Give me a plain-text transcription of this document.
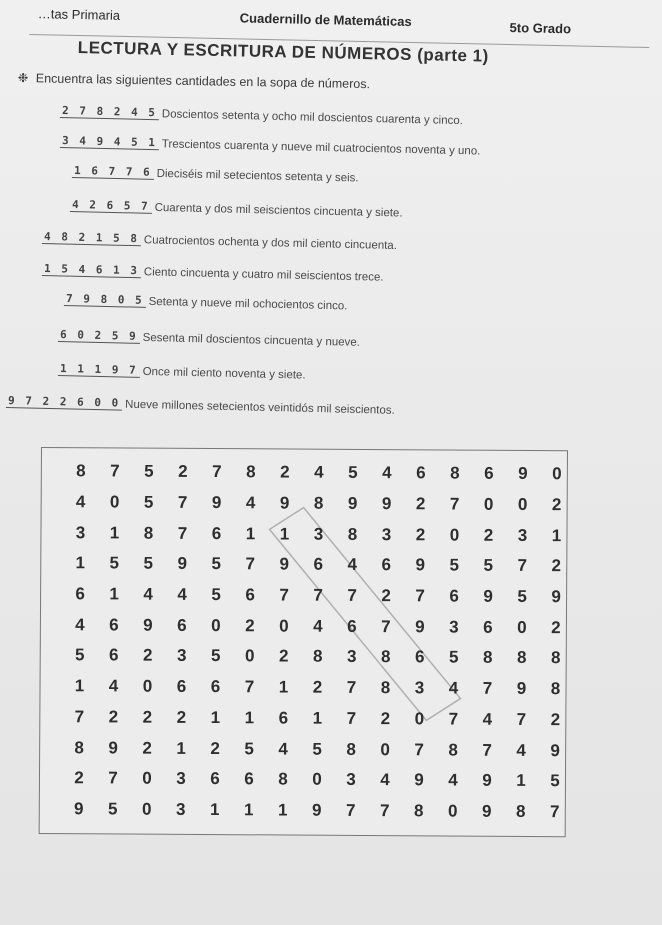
…tas Primaria	Cuadernillo de Matemáticas	5to Grado
LECTURA Y ESCRITURA DE NÚMEROS (parte 1)
❉ Encuentra las siguientes cantidades en la sopa de números.
2 7 8 2 4 5 Doscientos setenta y ocho mil doscientos cuarenta y cinco.
3 4 9 4 5 1 Trescientos cuarenta y nueve mil cuatrocientos noventa y uno.
1 6 7 7 6 Dieciséis mil setecientos setenta y seis.
4 2 6 5 7 Cuarenta y dos mil seiscientos cincuenta y siete.
4 8 2 1 5 8 Cuatrocientos ochenta y dos mil ciento cincuenta.
1 5 4 6 1 3 Ciento cincuenta y cuatro mil seiscientos trece.
7 9 8 0 5 Setenta y nueve mil ochocientos cinco.
6 0 2 5 9 Sesenta mil doscientos cincuenta y nueve.
1 1 1 9 7 Once mil ciento noventa y siete.
9 7 2 2 6 0 0 Nueve millones setecientos veintidós mil seiscientos.
8	7	5	2	7	8	2	4	5	4	6	8	6	9	0
4	0	5	7	9	4	9	8	9	9	2	7	0	0	2
3	1	8	7	6	1	1	3	8	3	2	0	2	3	1
1	5	5	9	5	7	9	6	4	6	9	5	5	7	2
6	1	4	4	5	6	7	7	7	2	7	6	9	5	9
4	6	9	6	0	2	0	4	6	7	9	3	6	0	2
5	6	2	3	5	0	2	8	3	8	6	5	8	8	8
1	4	0	6	6	7	1	2	7	8	3	4	7	9	8
7	2	2	2	1	1	6	1	7	2	0	7	4	7	2
8	9	2	1	2	5	4	5	8	0	7	8	7	4	9
2	7	0	3	6	6	8	0	3	4	9	4	9	1	5
9	5	0	3	1	1	1	9	7	7	8	0	9	8	7
